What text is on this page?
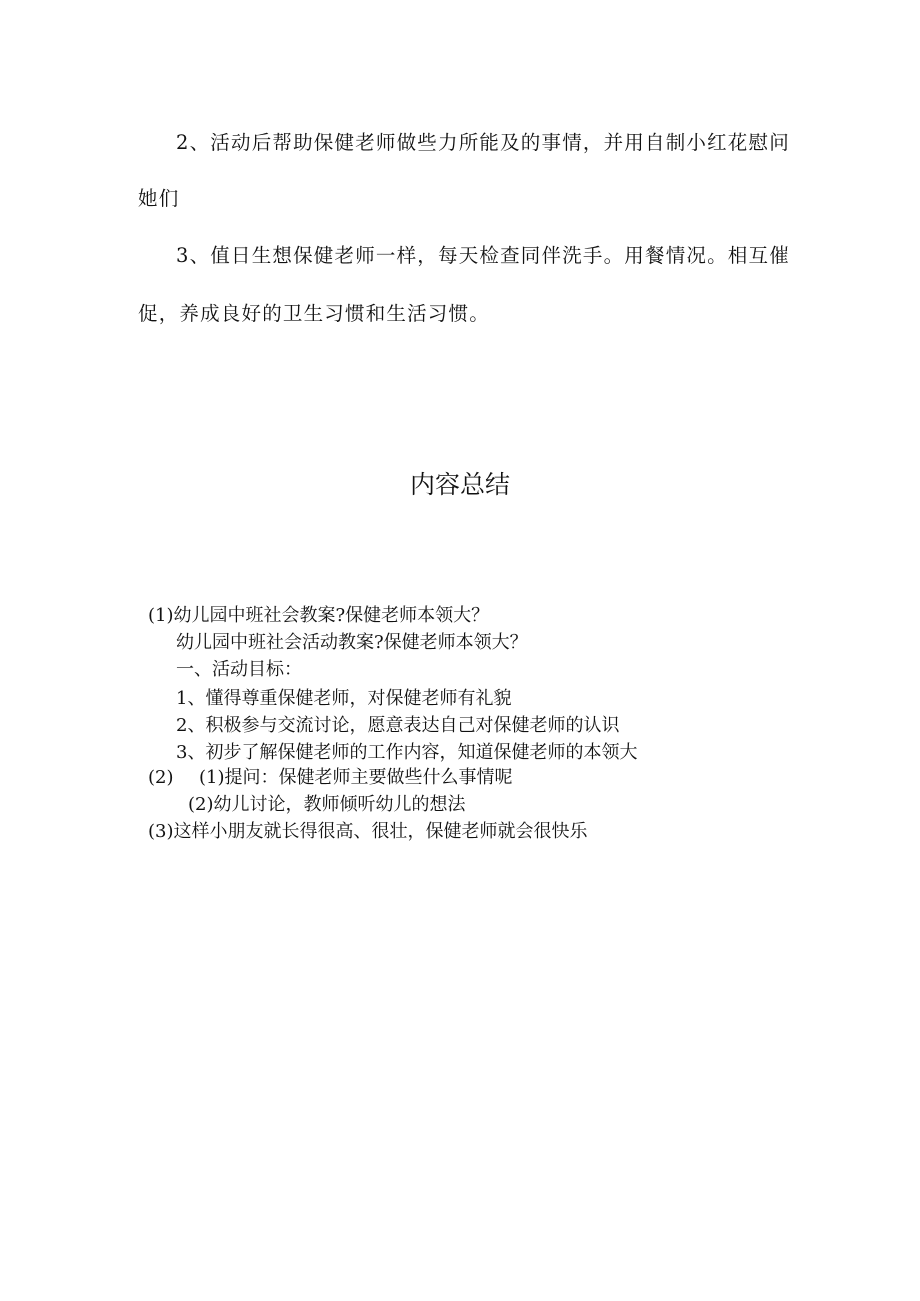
2、活动后帮助保健老师做些力所能及的事情，并用自制小红花慰问
她们
3、值日生想保健老师一样，每天检查同伴洗手。用餐情况。相互催
促，养成良好的卫生习惯和生活习惯。
内容总结
(1)幼儿园中班社会教案?保健老师本领大？
幼儿园中班社会活动教案?保健老师本领大？
一、活动目标：
1、懂得尊重保健老师，对保健老师有礼貌
2、积极参与交流讨论，愿意表达自己对保健老师的认识
3、初步了解保健老师的工作内容，知道保健老师的本领大
(2) (1)提问：保健老师主要做些什么事情呢
(2)幼儿讨论，教师倾听幼儿的想法
(3)这样小朋友就长得很高、很壮，保健老师就会很快乐
